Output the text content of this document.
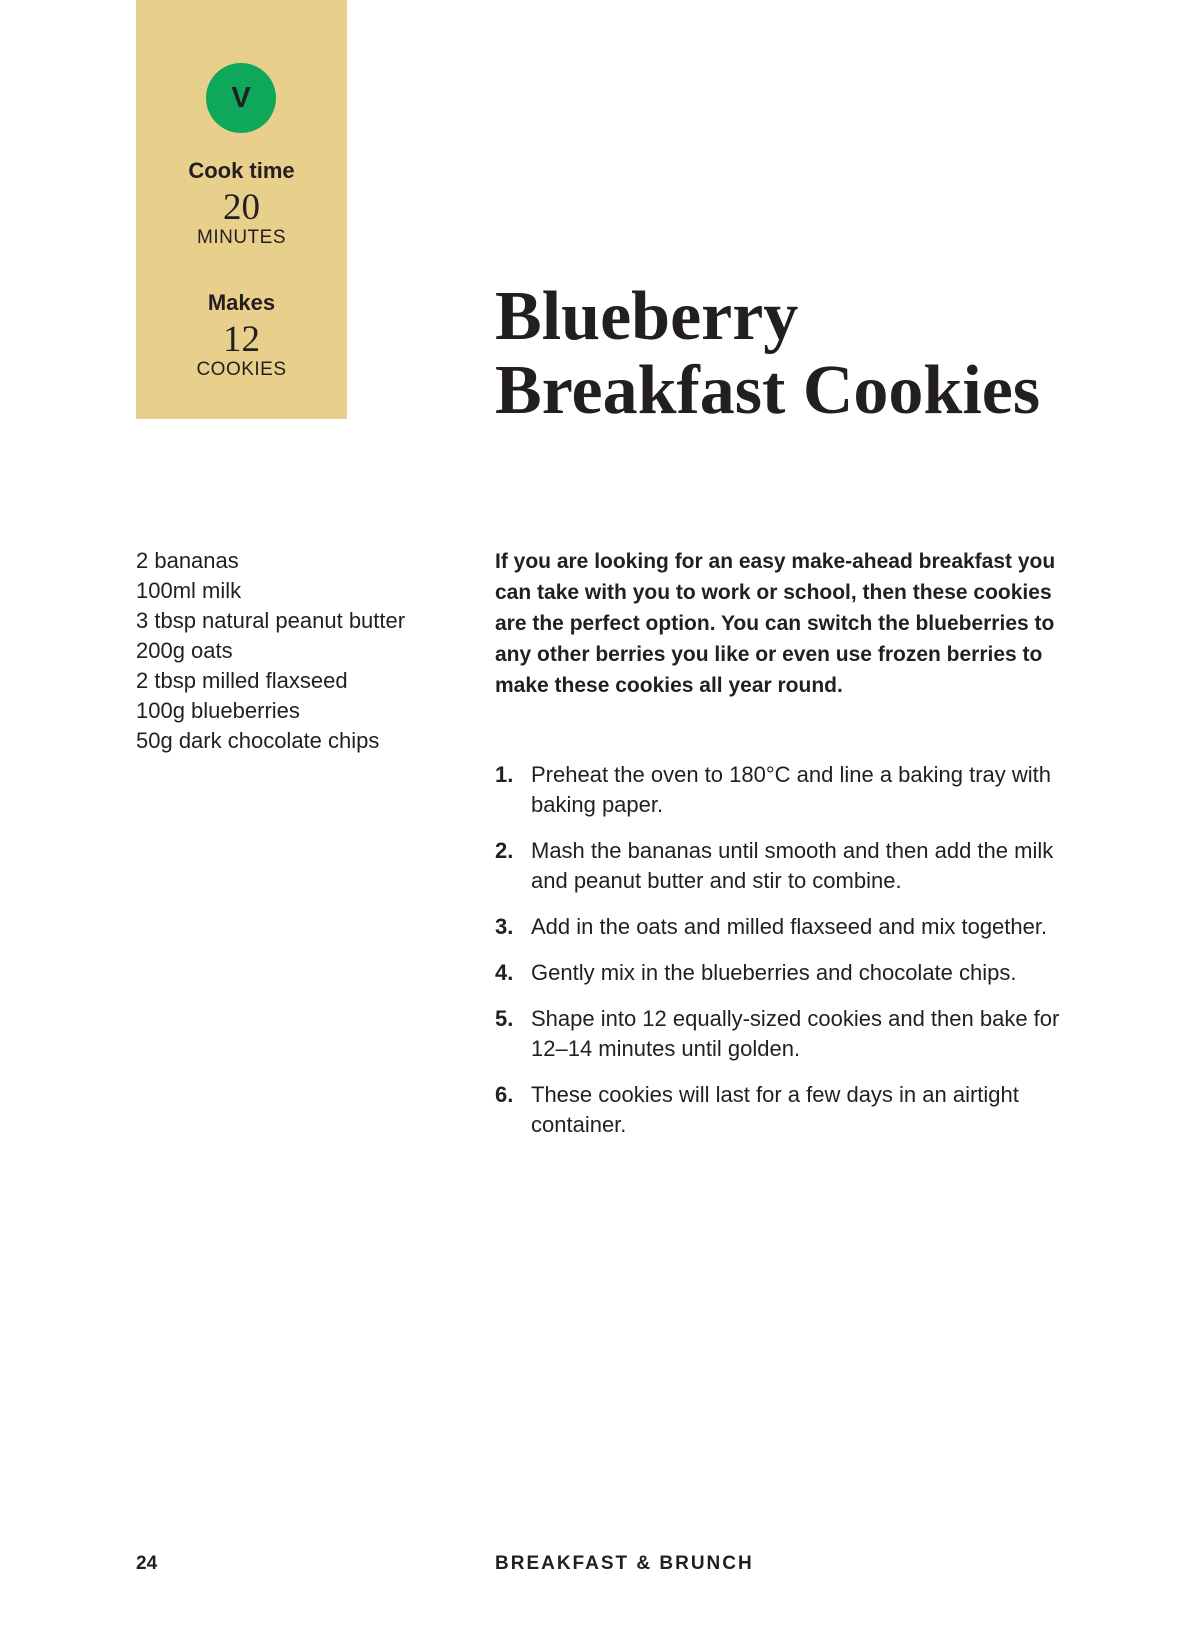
V
Cook time
20
MINUTES
Makes
12
COOKIES
Blueberry
Breakfast Cookies
2 bananas
100ml milk
3 tbsp natural peanut butter
200g oats
2 tbsp milled flaxseed
100g blueberries
50g dark chocolate chips

If you are looking for an easy make-ahead breakfast you can take with you to work or school, then these cookies are the perfect option. You can switch the blueberries to any other berries you like or even use frozen berries to make these cookies all year round.

1. Preheat the oven to 180°C and line a baking tray with baking paper.
2. Mash the bananas until smooth and then add the milk and peanut butter and stir to combine.
3. Add in the oats and milled flaxseed and mix together.
4. Gently mix in the blueberries and chocolate chips.
5. Shape into 12 equally-sized cookies and then bake for 12–14 minutes until golden.
6. These cookies will last for a few days in an airtight container.
24	BREAKFAST & BRUNCH
